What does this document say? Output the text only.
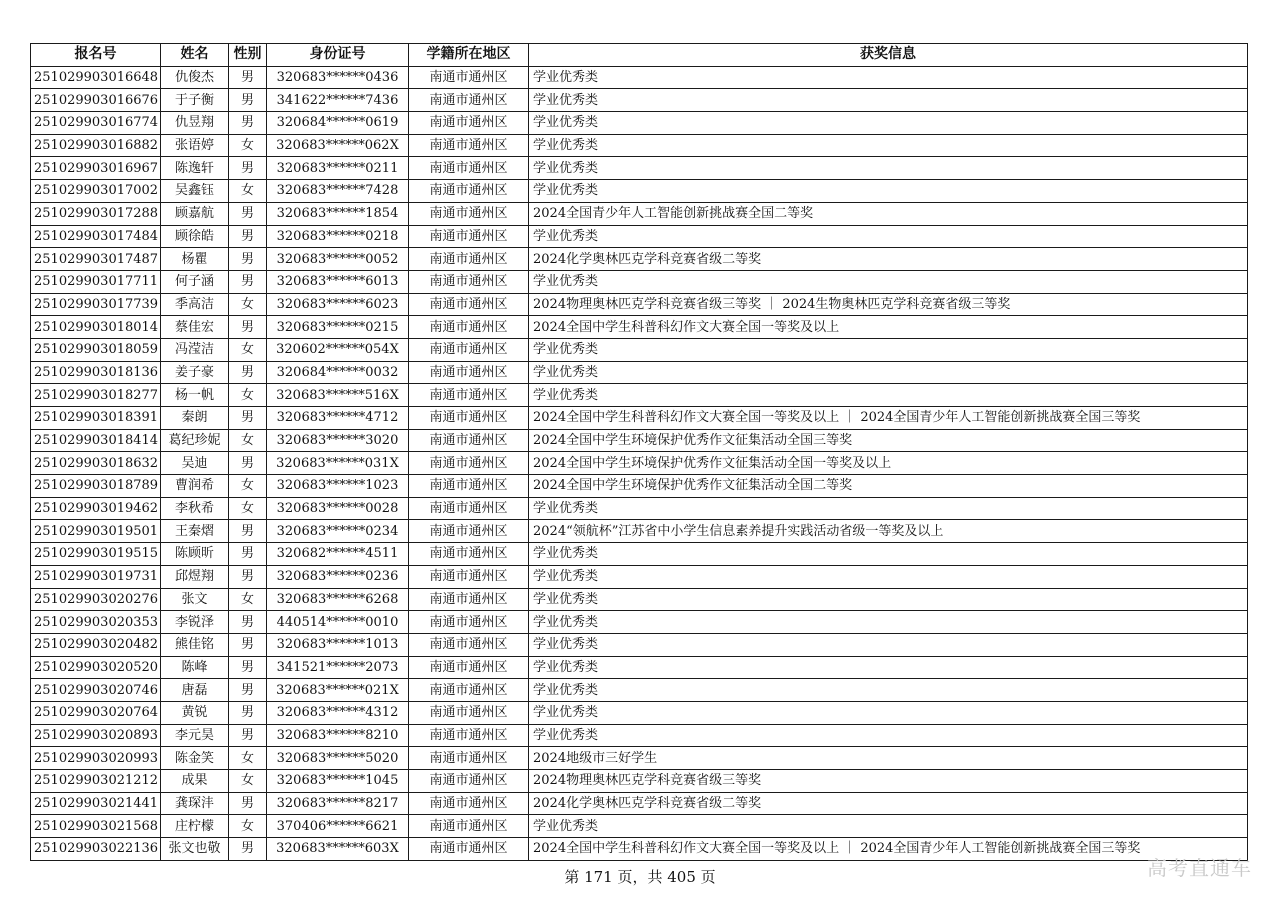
报名号	姓名	性别	身份证号	学籍所在地区	获奖信息
251029903016648	仇俊杰	男	320683******0436	南通市通州区	学业优秀类
251029903016676	于子衡	男	341622******7436	南通市通州区	学业优秀类
251029903016774	仇昱翔	男	320684******0619	南通市通州区	学业优秀类
251029903016882	张语婷	女	320683******062X	南通市通州区	学业优秀类
251029903016967	陈逸轩	男	320683******0211	南通市通州区	学业优秀类
251029903017002	吴鑫钰	女	320683******7428	南通市通州区	学业优秀类
251029903017288	顾嘉航	男	320683******1854	南通市通州区	2024全国青少年人工智能创新挑战赛全国二等奖
251029903017484	顾徐皓	男	320683******0218	南通市通州区	学业优秀类
251029903017487	杨瞿	男	320683******0052	南通市通州区	2024化学奥林匹克学科竞赛省级二等奖
251029903017711	何子涵	男	320683******6013	南通市通州区	学业优秀类
251029903017739	季高洁	女	320683******6023	南通市通州区	2024物理奥林匹克学科竞赛省级三等奖 ｜ 2024生物奥林匹克学科竞赛省级三等奖
251029903018014	蔡佳宏	男	320683******0215	南通市通州区	2024全国中学生科普科幻作文大赛全国一等奖及以上
251029903018059	冯滢洁	女	320602******054X	南通市通州区	学业优秀类
251029903018136	姜子豪	男	320684******0032	南通市通州区	学业优秀类
251029903018277	杨一帆	女	320683******516X	南通市通州区	学业优秀类
251029903018391	秦朗	男	320683******4712	南通市通州区	2024全国中学生科普科幻作文大赛全国一等奖及以上 ｜ 2024全国青少年人工智能创新挑战赛全国三等奖
251029903018414	葛纪珍妮	女	320683******3020	南通市通州区	2024全国中学生环境保护优秀作文征集活动全国三等奖
251029903018632	吴迪	男	320683******031X	南通市通州区	2024全国中学生环境保护优秀作文征集活动全国一等奖及以上
251029903018789	曹润希	女	320683******1023	南通市通州区	2024全国中学生环境保护优秀作文征集活动全国二等奖
251029903019462	李秋希	女	320683******0028	南通市通州区	学业优秀类
251029903019501	王秦熠	男	320683******0234	南通市通州区	2024“领航杯”江苏省中小学生信息素养提升实践活动省级一等奖及以上
251029903019515	陈顾昕	男	320682******4511	南通市通州区	学业优秀类
251029903019731	邱煜翔	男	320683******0236	南通市通州区	学业优秀类
251029903020276	张文	女	320683******6268	南通市通州区	学业优秀类
251029903020353	李锐泽	男	440514******0010	南通市通州区	学业优秀类
251029903020482	熊佳铭	男	320683******1013	南通市通州区	学业优秀类
251029903020520	陈峰	男	341521******2073	南通市通州区	学业优秀类
251029903020746	唐磊	男	320683******021X	南通市通州区	学业优秀类
251029903020764	黄锐	男	320683******4312	南通市通州区	学业优秀类
251029903020893	李元昊	男	320683******8210	南通市通州区	学业优秀类
251029903020993	陈金笑	女	320683******5020	南通市通州区	2024地级市三好学生
251029903021212	成果	女	320683******1045	南通市通州区	2024物理奥林匹克学科竞赛省级三等奖
251029903021441	龚琛沣	男	320683******8217	南通市通州区	2024化学奥林匹克学科竞赛省级二等奖
251029903021568	庄柠檬	女	370406******6621	南通市通州区	学业优秀类
251029903022136	张文也敬	男	320683******603X	南通市通州区	2024全国中学生科普科幻作文大赛全国一等奖及以上 ｜ 2024全国青少年人工智能创新挑战赛全国三等奖
第 171 页，共 405 页	高考直通车
